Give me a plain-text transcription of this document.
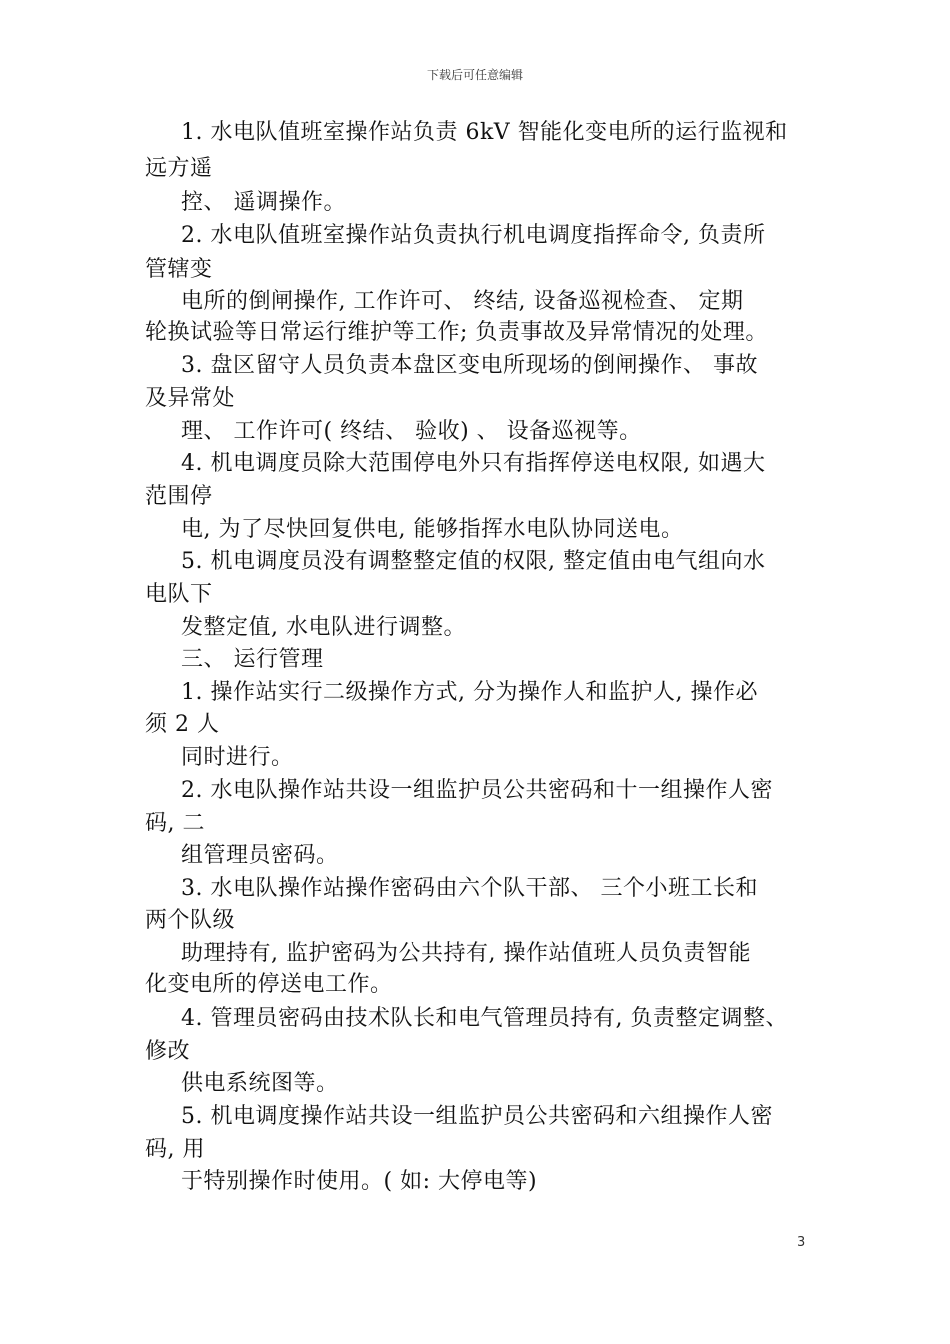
下载后可任意编辑
1. 水电队值班室操作站负责 6kV 智能化变电所的运行监视和
远方遥
控、 遥调操作。
2. 水电队值班室操作站负责执行机电调度指挥命令, 负责所
管辖变
电所的倒闸操作, 工作许可、 终结, 设备巡视检查、 定期
轮换试验等日常运行维护等工作; 负责事故及异常情况的处理。
3. 盘区留守人员负责本盘区变电所现场的倒闸操作、 事故
及异常处
理、 工作许可( 终结、 验收) 、 设备巡视等。
4. 机电调度员除大范围停电外只有指挥停送电权限, 如遇大
范围停
电, 为了尽快回复供电, 能够指挥水电队协同送电。
5. 机电调度员没有调整整定值的权限, 整定值由电气组向水
电队下
发整定值, 水电队进行调整。
三、 运行管理
1. 操作站实行二级操作方式, 分为操作人和监护人, 操作必
须 2 人
同时进行。
2. 水电队操作站共设一组监护员公共密码和十一组操作人密
码, 二
组管理员密码。
3. 水电队操作站操作密码由六个队干部、 三个小班工长和
两个队级
助理持有, 监护密码为公共持有, 操作站值班人员负责智能
化变电所的停送电工作。
4. 管理员密码由技术队长和电气管理员持有, 负责整定调整、
修改
供电系统图等。
5. 机电调度操作站共设一组监护员公共密码和六组操作人密
码, 用
于特别操作时使用。( 如: 大停电等)
3
